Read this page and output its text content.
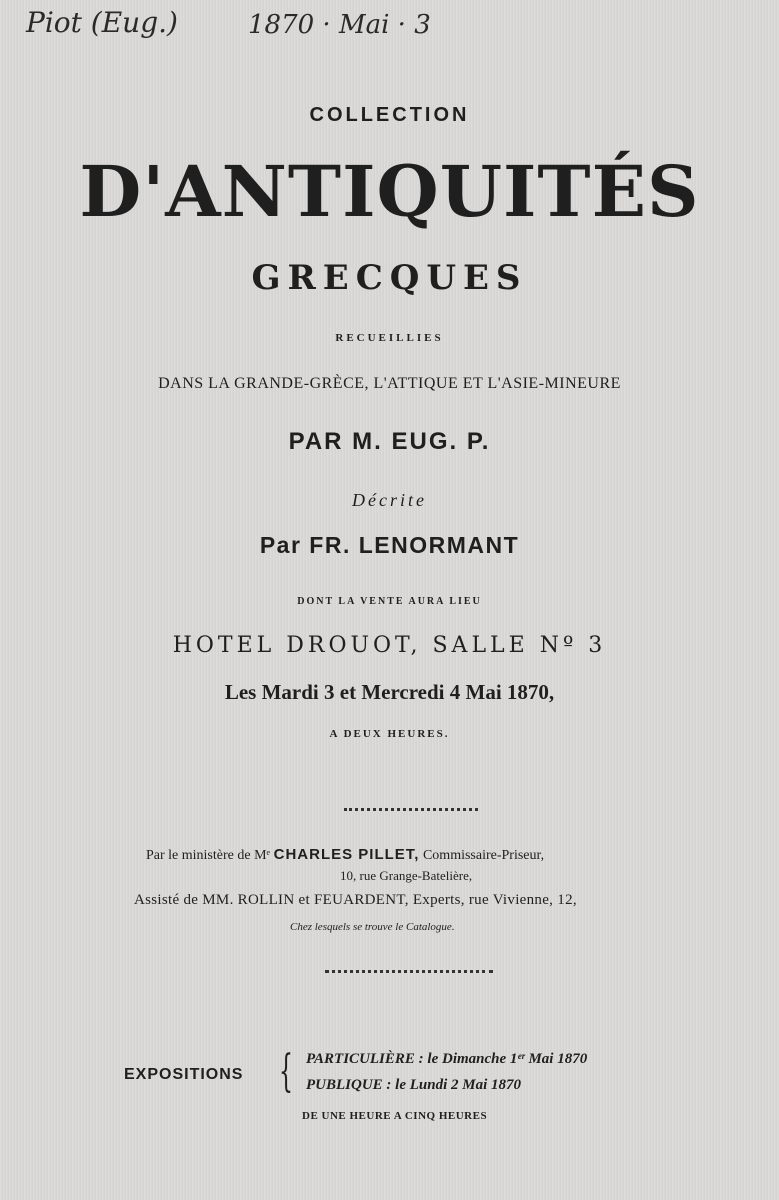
Piot (Eug.)	1870 · Mai · 3
COLLECTION
D'ANTIQUITÉS
GRECQUES
RECUEILLIES
DANS LA GRANDE-GRÈCE, L'ATTIQUE ET L'ASIE-MINEURE
PAR M. EUG. P.
Décrite
Par FR. LENORMANT
DONT LA VENTE AURA LIEU
HOTEL DROUOT, SALLE Nº 3
Les Mardi 3 et Mercredi 4 Mai 1870,
A DEUX HEURES.
Par le ministère de Mᵉ CHARLES PILLET, Commissaire-Priseur,
10, rue Grange-Batelière,
Assisté de MM. ROLLIN et FEUARDENT, Experts, rue Vivienne, 12,
Chez lesquels se trouve le Catalogue.
EXPOSITIONS { PARTICULIÈRE : le Dimanche 1ᵉʳ Mai 1870
PUBLIQUE : le Lundi 2 Mai 1870
DE UNE HEURE A CINQ HEURES
